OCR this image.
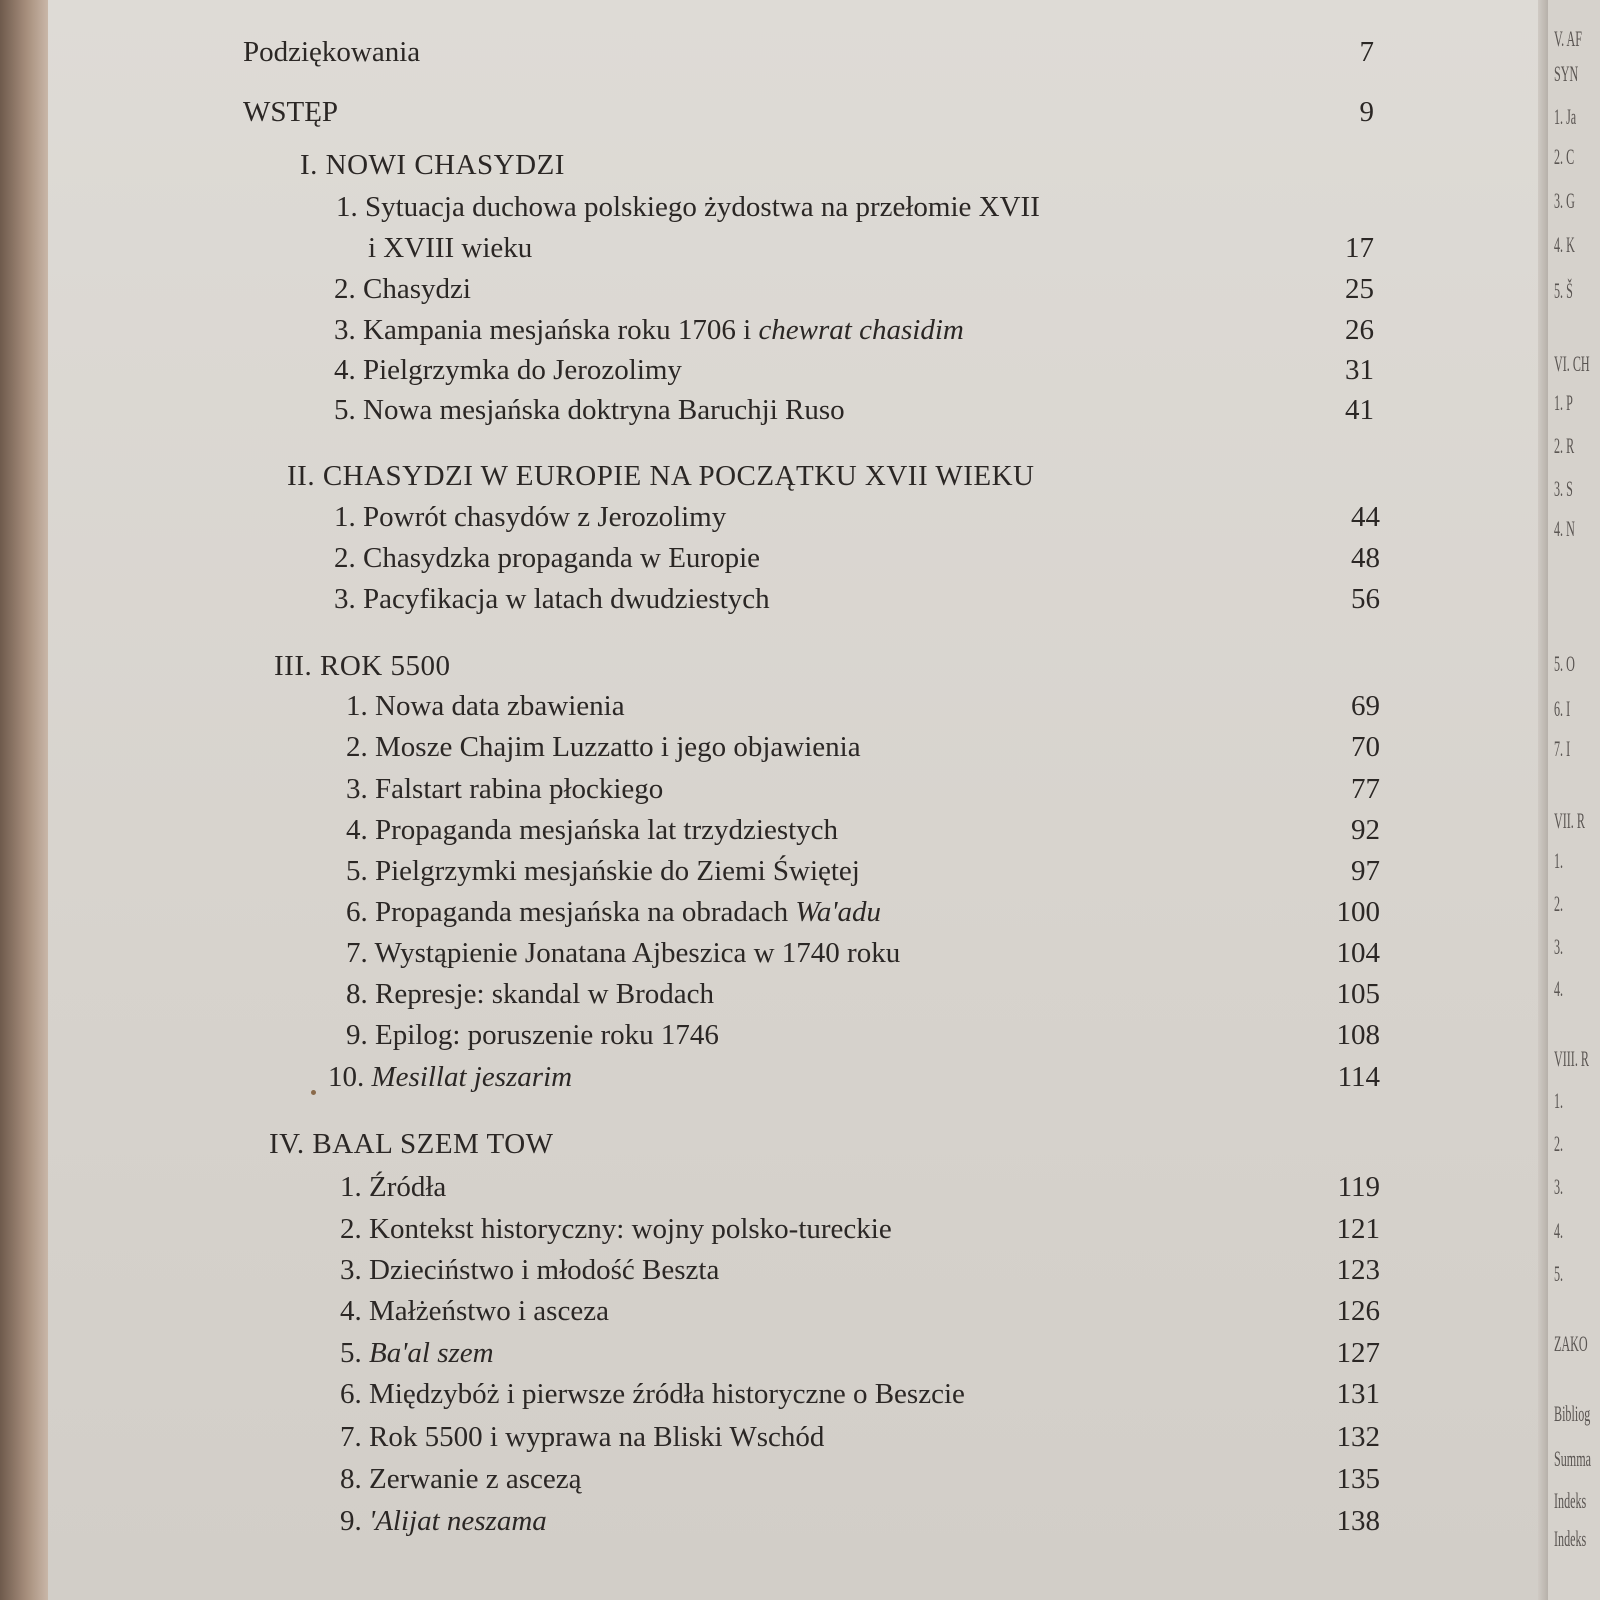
V. AF
SYN
1. Ja
2. C
3. G
4. K
5. Š
VI. CH
1. P
2. R
3. S
4. N
5. O
6. I
7. I
VII. R
1.
2.
3.
4.
VIII. R
1.
2.
3.
4.
5.
ZAKO
Bibliog
Summa
Indeks
Indeks
Podziękowania	7
WSTĘP	9
I. NOWI CHASYDZI
1. Sytuacja duchowa polskiego żydostwa na przełomie XVII
i XVIII wieku	17
2. Chasydzi	25
3. Kampania mesjańska roku 1706 i chewrat chasidim	26
4. Pielgrzymka do Jerozolimy	31
5. Nowa mesjańska doktryna Baruchji Ruso	41
II. CHASYDZI W EUROPIE NA POCZĄTKU XVII WIEKU
1. Powrót chasydów z Jerozolimy	44
2. Chasydzka propaganda w Europie	48
3. Pacyfikacja w latach dwudziestych	56
III. ROK 5500
1. Nowa data zbawienia	69
2. Mosze Chajim Luzzatto i jego objawienia	70
3. Falstart rabina płockiego	77
4. Propaganda mesjańska lat trzydziestych	92
5. Pielgrzymki mesjańskie do Ziemi Świętej	97
6. Propaganda mesjańska na obradach Wa'adu	100
7. Wystąpienie Jonatana Ajbeszica w 1740 roku	104
8. Represje: skandal w Brodach	105
9. Epilog: poruszenie roku 1746	108
10. Mesillat jeszarim	114
IV. BAAL SZEM TOW
1. Źródła	119
2. Kontekst historyczny: wojny polsko-tureckie	121
3. Dzieciństwo i młodość Beszta	123
4. Małżeństwo i asceza	126
5. Ba'al szem	127
6. Międzybóż i pierwsze źródła historyczne o Beszcie	131
7. Rok 5500 i wyprawa na Bliski Wschód	132
8. Zerwanie z ascezą	135
9. 'Alijat neszama	138
